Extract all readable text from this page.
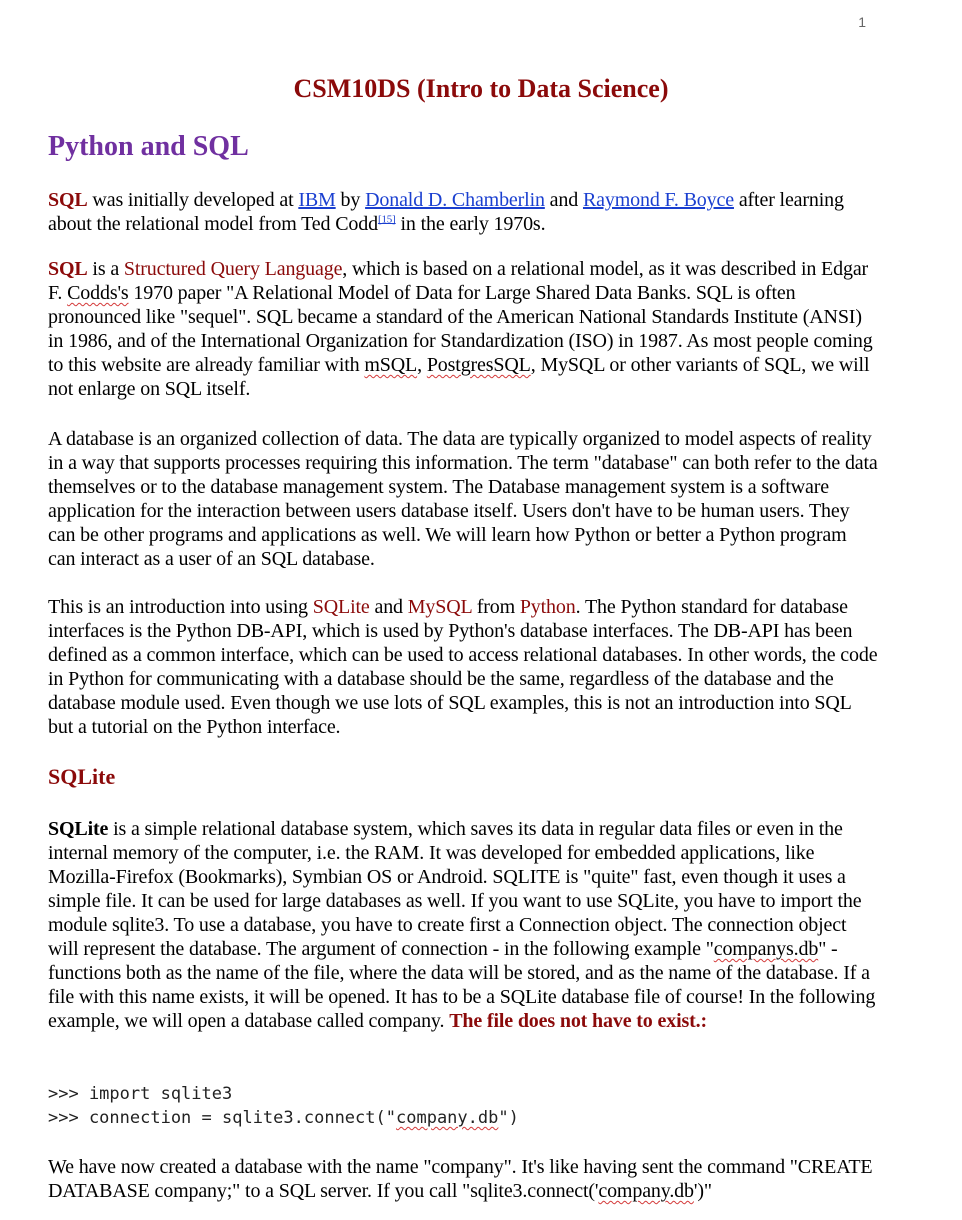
1
CSM10DS (Intro to Data Science)
Python and SQL

SQL was initially developed at IBM by Donald D. Chamberlin and Raymond F. Boyce after learning about the relational model from Ted Codd[15] in the early 1970s.

SQL is a Structured Query Language, which is based on a relational model, as it was described in Edgar F. Codds's 1970 paper "A Relational Model of Data for Large Shared Data Banks. SQL is often pronounced like "sequel". SQL became a standard of the American National Standards Institute (ANSI) in 1986, and of the International Organization for Standardization (ISO) in 1987. As most people coming to this website are already familiar with mSQL, PostgresSQL, MySQL or other variants of SQL, we will not enlarge on SQL itself.

A database is an organized collection of data. The data are typically organized to model aspects of reality in a way that supports processes requiring this information. The term "database" can both refer to the data themselves or to the database management system. The Database management system is a software application for the interaction between users database itself. Users don't have to be human users. They can be other programs and applications as well. We will learn how Python or better a Python program can interact as a user of an SQL database.

This is an introduction into using SQLite and MySQL from Python. The Python standard for database interfaces is the Python DB-API, which is used by Python's database interfaces. The DB-API has been defined as a common interface, which can be used to access relational databases. In other words, the code in Python for communicating with a database should be the same, regardless of the database and the database module used. Even though we use lots of SQL examples, this is not an introduction into SQL but a tutorial on the Python interface.

SQLite

SQLite is a simple relational database system, which saves its data in regular data files or even in the internal memory of the computer, i.e. the RAM. It was developed for embedded applications, like Mozilla-Firefox (Bookmarks), Symbian OS or Android. SQLITE is "quite" fast, even though it uses a simple file. It can be used for large databases as well. If you want to use SQLite, you have to import the module sqlite3. To use a database, you have to create first a Connection object. The connection object will represent the database. The argument of connection - in the following example "companys.db" - functions both as the name of the file, where the data will be stored, and as the name of the database. If a file with this name exists, it will be opened. It has to be a SQLite database file of course! In the following example, we will open a database called company. The file does not have to exist.:

>>> import sqlite3
>>> connection = sqlite3.connect("company.db")

We have now created a database with the name "company". It's like having sent the command "CREATE DATABASE company;" to a SQL server. If you call "sqlite3.connect('company.db')"
